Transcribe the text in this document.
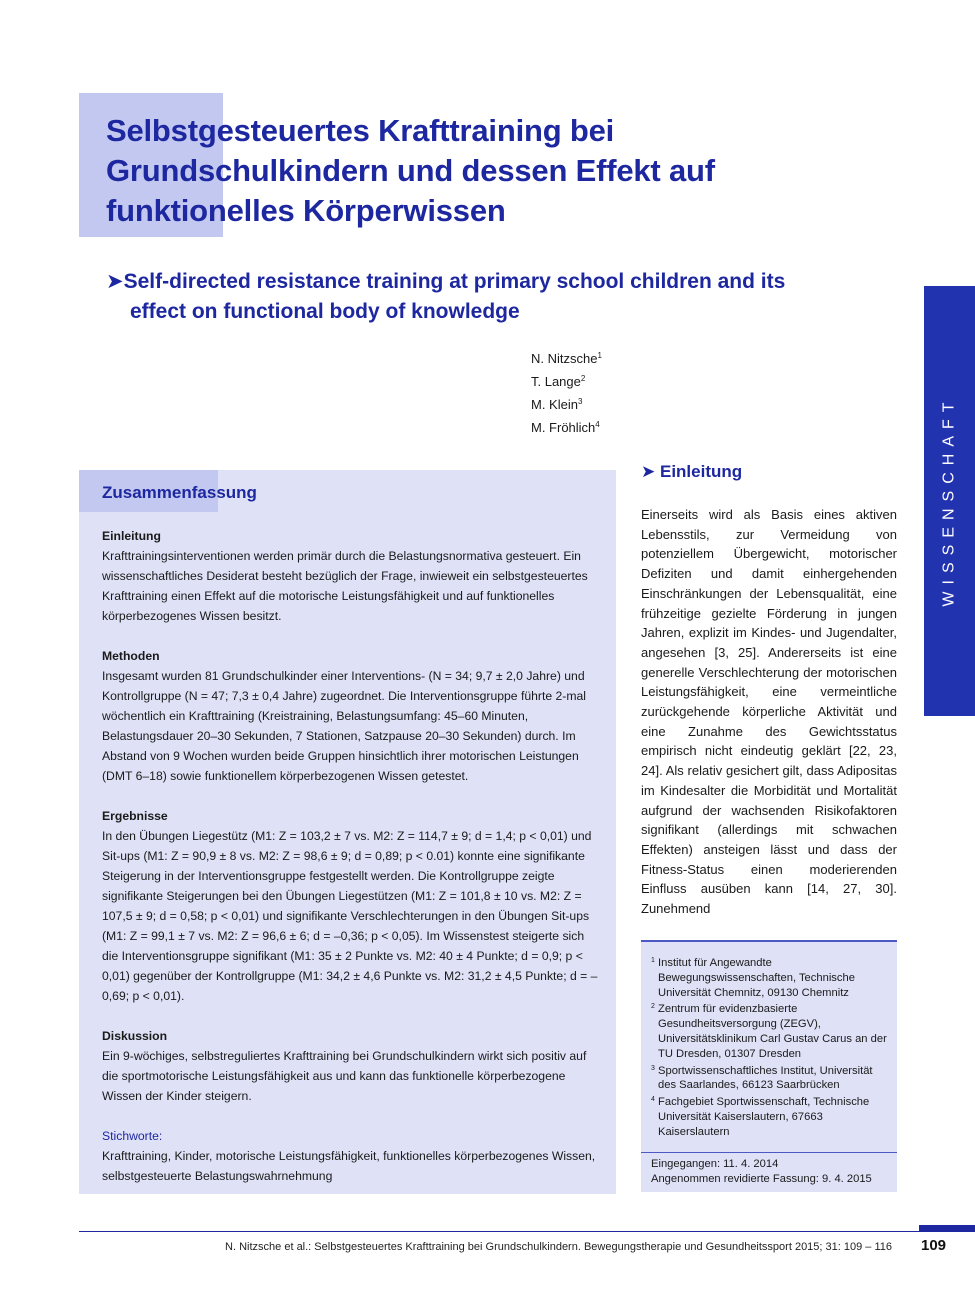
Selbstgesteuertes Krafttraining bei Grundschulkindern und dessen Effekt auf funktionelles Körperwissen
➤Self-directed resistance training at primary school children and its effect on functional body of knowledge
N. Nitzsche$^1$
T. Lange$^2$
M. Klein$^3$
M. Fröhlich$^4$	WISSENSCHAFT
Zusammenfassung
Einleitung

Krafttrainingsinterventionen werden primär durch die Belastungsnormativa gesteuert. Ein wissenschaftliches Desiderat besteht bezüglich der Frage, inwieweit ein selbstgesteuertes Krafttraining einen Effekt auf die motorische Leistungsfähigkeit und auf funktionelles körperbezogenes Wissen besitzt.

Methoden

Insgesamt wurden 81 Grundschulkinder einer Interventions- (N = 34; 9,7 ± 2,0 Jahre) und Kontrollgruppe (N = 47; 7,3 ± 0,4 Jahre) zugeordnet. Die Interventionsgruppe führte 2-mal wöchentlich ein Krafttraining (Kreistraining, Belastungsumfang: 45–60 Minuten, Belastungsdauer 20–30 Sekunden, 7 Stationen, Satzpause 20–30 Sekunden) durch. Im Abstand von 9 Wochen wurden beide Gruppen hinsichtlich ihrer motorischen Leistungen (DMT 6–18) sowie funktionellem körperbezogenen Wissen getestet.

Ergebnisse

In den Übungen Liegestütz (M1: Z = 103,2 ± 7 vs. M2: Z = 114,7 ± 9; d = 1,4; p < 0,01) und Sit-ups (M1: Z = 90,9 ± 8 vs. M2: Z = 98,6 ± 9; d = 0,89; p < 0.01) konnte eine signifikante Steigerung in der Interventionsgruppe festgestellt werden. Die Kontrollgruppe zeigte signifikante Steigerungen bei den Übungen Liegestützen (M1: Z = 101,8 ± 10 vs. M2: Z = 107,5 ± 9; d = 0,58; p < 0,01) und signifikante Verschlechterungen in den Übungen Sit-ups (M1: Z = 99,1 ± 7 vs. M2: Z = 96,6 ± 6; d = –0,36; p < 0,05). Im Wissenstest steigerte sich die Interventionsgruppe signifikant (M1: 35 ± 2 Punkte vs. M2: 40 ± 4 Punkte; d = 0,9; p < 0,01) gegenüber der Kontrollgruppe (M1: 34,2 ± 4,6 Punkte vs. M2: 31,2 ± 4,5 Punkte; d = –0,69; p < 0,01).

Diskussion

Ein 9-wöchiges, selbstreguliertes Krafttraining bei Grundschulkindern wirkt sich positiv auf die sportmotorische Leistungsfähigkeit aus und kann das funktionelle körperbezogene Wissen der Kinder steigern.

Stichworte:

Krafttraining, Kinder, motorische Leistungsfähigkeit, funktionelles körperbezogenes Wissen, selbstgesteuerte Belastungswahrnehmung

➤ Einleitung

Einerseits wird als Basis eines aktiven Lebensstils, zur Vermeidung von potenziellem Übergewicht, motorischer Defiziten und damit einhergehenden Einschränkungen der Lebensqualität, eine frühzeitige gezielte Förderung in jungen Jahren, explizit im Kindes- und Jugendalter, angesehen [3, 25]. Andererseits ist eine generelle Verschlechterung der motorischen Leistungsfähigkeit, eine vermeintliche zurückgehende körperliche Aktivität und eine Zunahme des Gewichtsstatus empirisch nicht eindeutig geklärt [22, 23, 24]. Als relativ gesichert gilt, dass Adipositas im Kindesalter die Morbidität und Mortalität aufgrund der wachsenden Risikofaktoren signifikant (allerdings mit schwachen Effekten) ansteigen lässt und dass der Fitness-Status einen moderierenden Einfluss ausüben kann [14, 27, 30]. Zunehmend

$^1$ Institut für Angewandte Bewegungswissenschaften, Technische Universität Chemnitz, 09130 Chemnitz
$^2$ Zentrum für evidenzbasierte Gesundheitsversorgung (ZEGV), Universitätsklinikum Carl Gustav Carus an der TU Dresden, 01307 Dresden
$^3$ Sportwissenschaftliches Institut, Universität des Saarlandes, 66123 Saarbrücken
$^4$ Fachgebiet Sportwissenschaft, Technische Universität Kaiserslautern, 67663 Kaiserslautern
Eingegangen: 11. 4. 2014
Angenommen revidierte Fassung: 9. 4. 2015
N. Nitzsche et al.: Selbstgesteuertes Krafttraining bei Grundschulkindern. Bewegungstherapie und Gesundheitssport 2015; 31: 109 – 116 109
